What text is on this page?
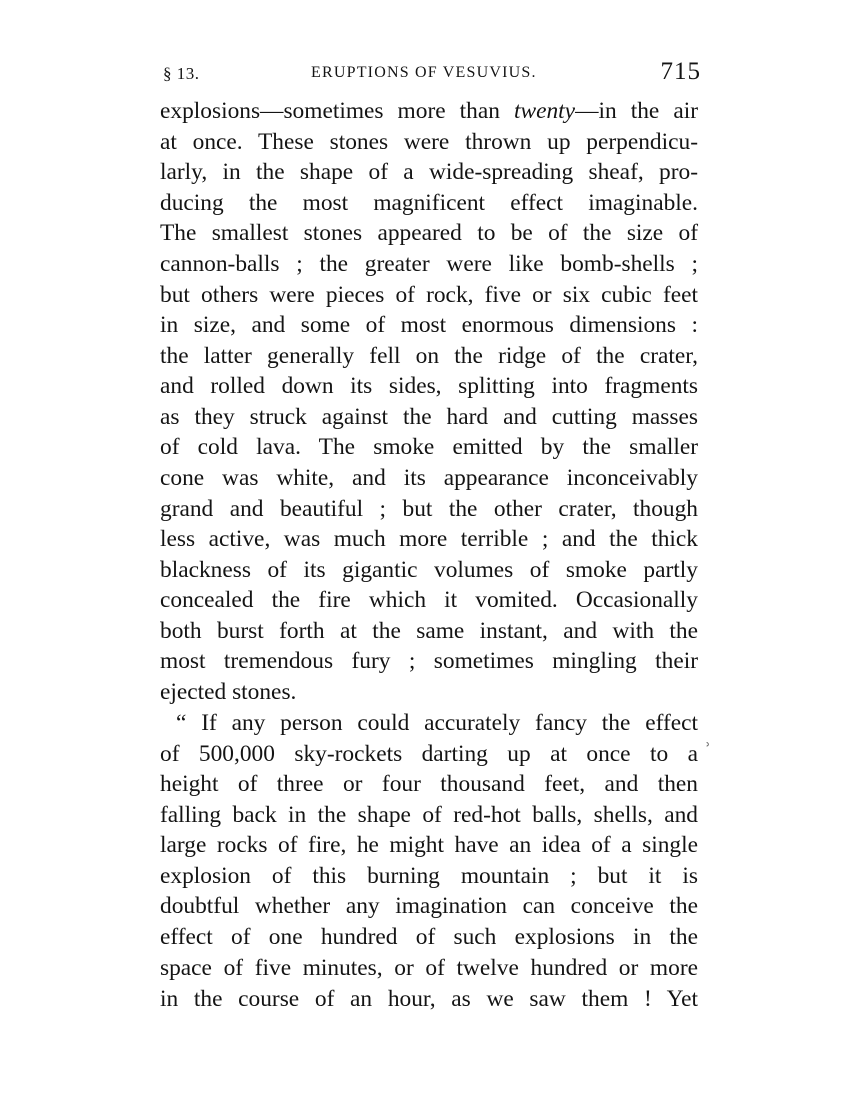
§ 13.	ERUPTIONS OF VESUVIUS.	715
explosions—sometimes more than twenty—in the air
at once. These stones were thrown up perpendicu-
larly, in the shape of a wide-spreading sheaf, pro-
ducing the most magnificent effect imaginable.
The smallest stones appeared to be of the size of
cannon-balls ; the greater were like bomb-shells ;
but others were pieces of rock, five or six cubic feet
in size, and some of most enormous dimensions :
the latter generally fell on the ridge of the crater,
and rolled down its sides, splitting into fragments
as they struck against the hard and cutting masses
of cold lava. The smoke emitted by the smaller
cone was white, and its appearance inconceivably
grand and beautiful ; but the other crater, though
less active, was much more terrible ; and the thick
blackness of its gigantic volumes of smoke partly
concealed the fire which it vomited. Occasionally
both burst forth at the same instant, and with the
most tremendous fury ; sometimes mingling their
ejected stones.
“ If any person could accurately fancy the effect
of 500,000 sky-rockets darting up at once to a
height of three or four thousand feet, and then
falling back in the shape of red-hot balls, shells, and
large rocks of fire, he might have an idea of a single
explosion of this burning mountain ; but it is
doubtful whether any imagination can conceive the
effect of one hundred of such explosions in the
space of five minutes, or of twelve hundred or more
in the course of an hour, as we saw them ! Yet
ʾ
